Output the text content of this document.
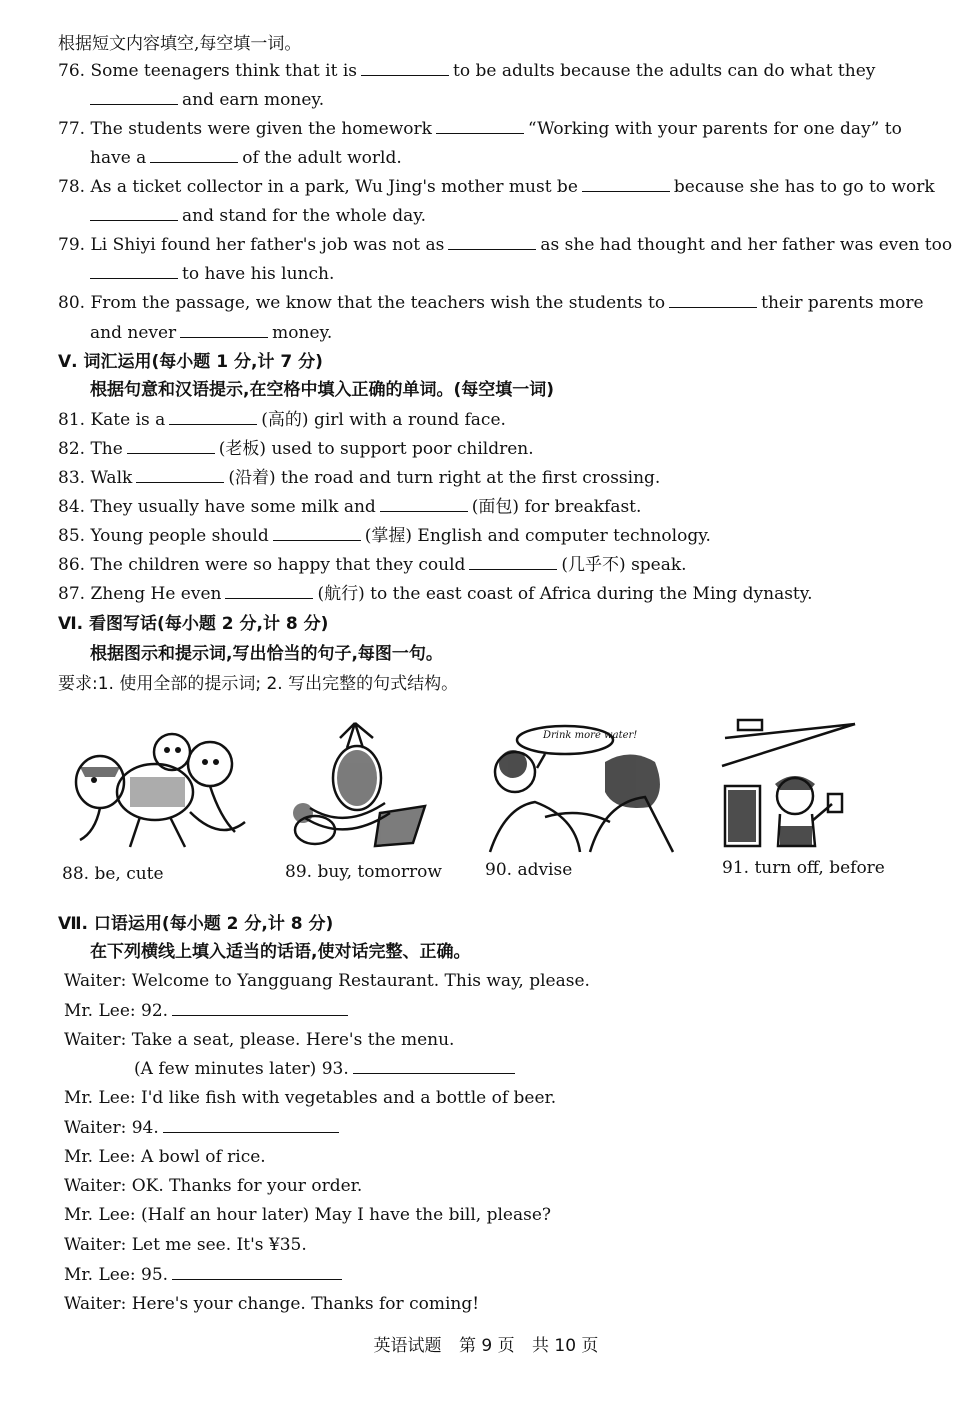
根据短文内容填空,每空填一词。
76. Some teenagers think that it is	to be adults because the adults can do what they
and earn money.
77. The students were given the homework	“Working with your parents for one day” to
have a	of the adult world.
78. As a ticket collector in a park, Wu Jing's mother must be	because she has to go to work
and stand for the whole day.
79. Li Shiyi found her father's job was not as	as she had thought and her father was even too
to have his lunch.
80. From the passage, we know that the teachers wish the students to	their parents more
and never	money.
Ⅴ. 词汇运用(每小题 1 分,计 7 分)
根据句意和汉语提示,在空格中填入正确的单词。(每空填一词)
81. Kate is a	(高的) girl with a round face.
82. The	(老板) used to support poor children.
83. Walk	(沿着) the road and turn right at the first crossing.
84. They usually have some milk and	(面包) for breakfast.
85. Young people should	(掌握) English and computer technology.
86. The children were so happy that they could	(几乎不) speak.
87. Zheng He even	(航行) to the east coast of Africa during the Ming dynasty.
Ⅵ. 看图写话(每小题 2 分,计 8 分)
根据图示和提示词,写出恰当的句子,每图一句。
要求:1. 使用全部的提示词; 2. 写出完整的句式结构。
Drink more water!
88. be, cute	89. buy, tomorrow	90. advise	91. turn off, before
Ⅶ. 口语运用(每小题 2 分,计 8 分)
在下列横线上填入适当的话语,使对话完整、正确。
Waiter: Welcome to Yangguang Restaurant. This way, please.
Mr. Lee: 92.
Waiter: Take a seat, please. Here's the menu.
(A few minutes later) 93.
Mr. Lee: I'd like fish with vegetables and a bottle of beer.
Waiter: 94.
Mr. Lee: A bowl of rice.
Waiter: OK. Thanks for your order.
Mr. Lee: (Half an hour later) May I have the bill, please?
Waiter: Let me see. It's ¥35.
Mr. Lee: 95.
Waiter: Here's your change. Thanks for coming!
英语试题 第 9 页 共 10 页
